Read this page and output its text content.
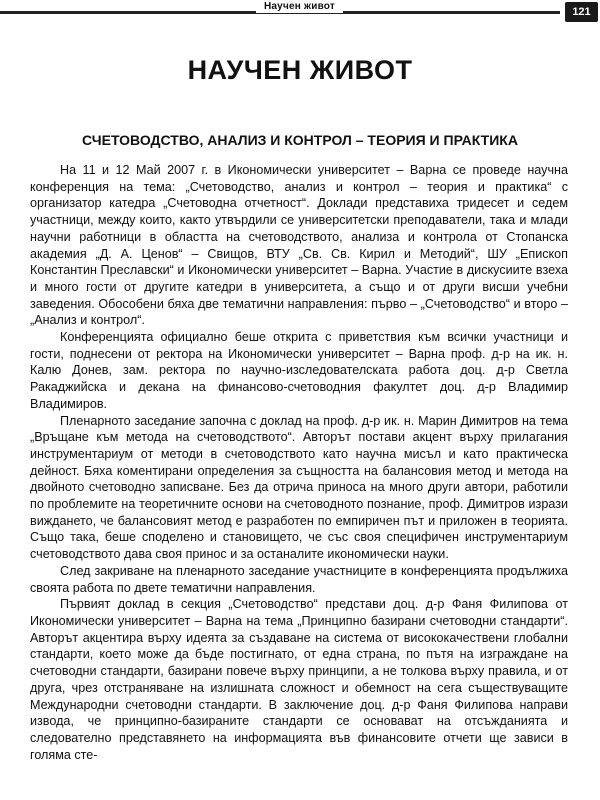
Научен живот	121
НАУЧЕН ЖИВОТ
СЧЕТОВОДСТВО, АНАЛИЗ И КОНТРОЛ – ТЕОРИЯ И ПРАКТИКА

На 11 и 12 Май 2007 г. в Икономически университет – Варна се проведе научна конференция на тема: „Счетоводство, анализ и контрол – теория и практика“ с организатор катедра „Счетоводна отчетност“. Доклади представиха тридесет и седем участници, между които, както утвърдили се университетски преподаватели, така и млади научни работници в областта на счетоводството, анализа и контрола от Стопанска академия „Д. А. Ценов“ – Свищов, ВТУ „Св. Св. Кирил и Методий“, ШУ „Епископ Константин Преславски“ и Икономически университет – Варна. Участие в дискусиите взеха и много гости от другите катедри в университета, а също и от други висши учебни заведения. Обособени бяха две тематични направления: първо – „Счетоводство“ и второ – „Анализ и контрол“.

Конференцията официално беше открита с приветствия към всички участници и гости, поднесени от ректора на Икономически университет – Варна проф. д-р на ик. н. Калю Донев, зам. ректора по научно-изследователската работа доц. д-р Светла Ракаджийска и декана на финансово-счетоводния факултет доц. д-р Владимир Владимиров.

Пленарното заседание започна с доклад на проф. д-р ик. н. Марин Димитров на тема „Връщане към метода на счетоводството“. Авторът постави акцент върху прилагания инструментариум от методи в счетоводството като научна мисъл и като практическа дейност. Бяха коментирани определения за същността на балансовия метод и метода на двойното счетоводно записване. Без да отрича приноса на много други автори, работили по проблемите на теоретичните основи на счетоводното познание, проф. Димитров изрази виждането, че балансовият метод е разработен по емпиричен път и приложен в теорията. Също така, беше споделено и становището, че със своя специфичен инструментариум счетоводството дава своя принос и за останалите икономически науки.

След закриване на пленарното заседание участниците в конференцията продължиха своята работа по двете тематични направления.

Първият доклад в секция „Счетоводство“ представи доц. д-р Фаня Филипова от Икономически университет – Варна на тема „Принципно базирани счетоводни стандарти“. Авторът акцентира върху идеята за създаване на система от висококачествени глобални стандарти, което може да бъде постигнато, от една страна, по пътя на изграждане на счетоводни стандарти, базирани повече върху принципи, а не толкова върху правила, и от друга, чрез отстраняване на излишната сложност и обемност на сега съществуващите Международни счетоводни стандарти. В заключение доц. д-р Фаня Филипова направи извода, че принципно-базираните стандарти се основават на отсъжданията и следователно представянето на информацията във финансовите отчети ще зависи в голяма сте-
